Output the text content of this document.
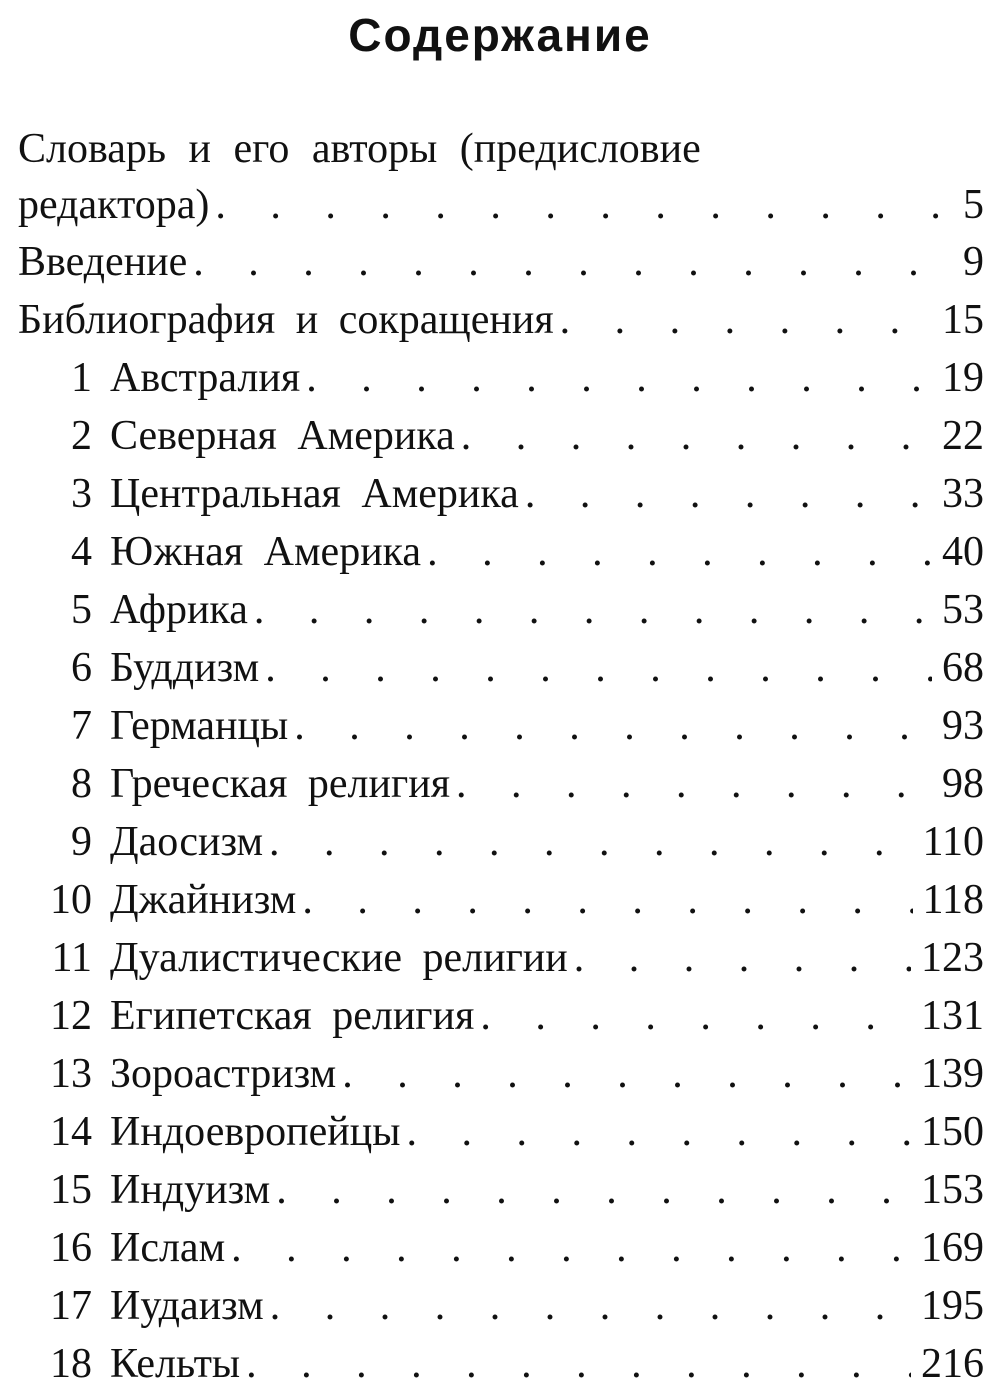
Содержание
Словарь и его авторы (предисловие
редактора) . . .	5
Введение . . .	9
Библиография и сокращения . . .	15
1 Австралия . . .	19
2 Северная Америка . . .	22
3 Центральная Америка . . .	33
4 Южная Америка . . .	40
5 Африка . . .	53
6 Буддизм . . .	68
7 Германцы . . .	93
8 Греческая религия . . .	98
9 Даосизм . . .	110
10 Джайнизм . . .	118
11 Дуалистические религии . . .	123
12 Египетская религия . . .	131
13 Зороастризм . . .	139
14 Индоевропейцы . . .	150
15 Индуизм . . .	153
16 Ислам . . .	169
17 Иудаизм . . .	195
18 Кельты . . .	216
